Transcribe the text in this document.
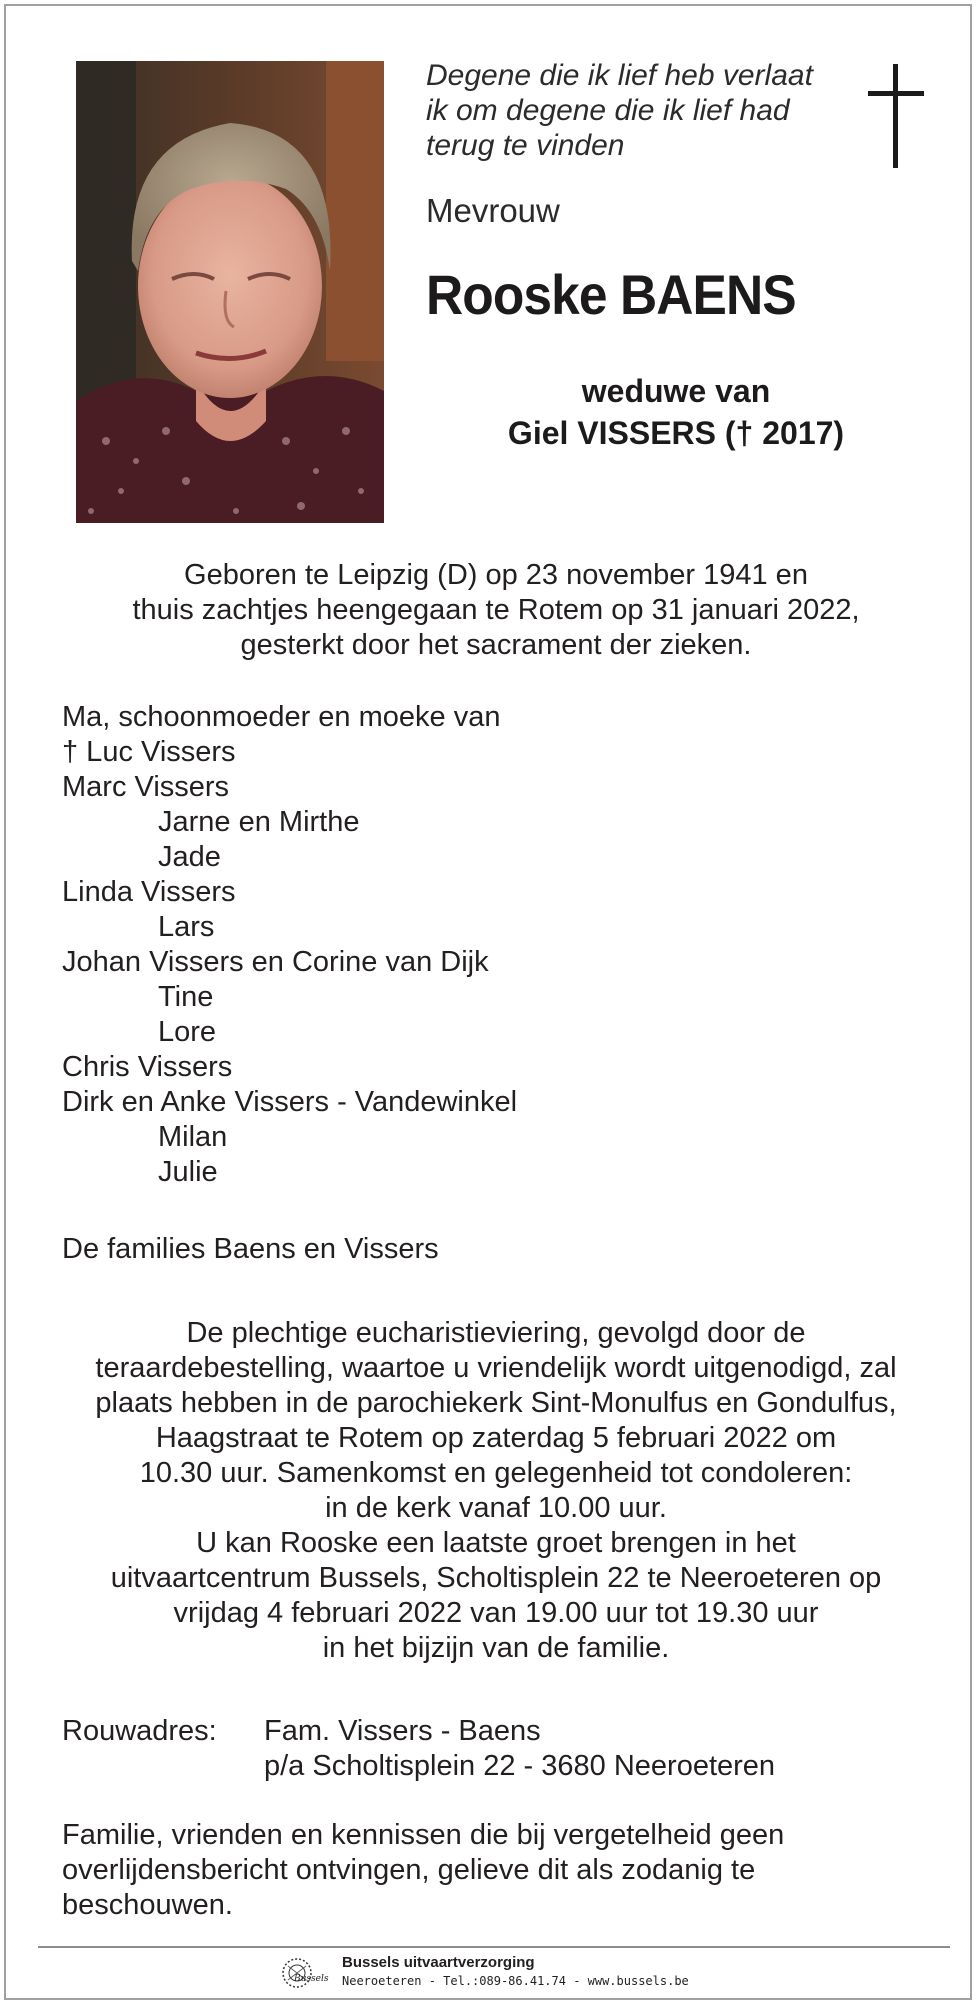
Degene die ik lief heb verlaat
ik om degene die ik lief had
terug te vinden
Mevrouw
Rooske BAENS
weduwe van
Giel VISSERS († 2017)
Geboren te Leipzig (D) op 23 november 1941 en
thuis zachtjes heengegaan te Rotem op 31 januari 2022,
gesterkt door het sacrament der zieken.
Ma, schoonmoeder en moeke van
† Luc Vissers
Marc Vissers
Jarne en Mirthe
Jade
Linda Vissers
Lars
Johan Vissers en Corine van Dijk
Tine
Lore
Chris Vissers
Dirk en Anke Vissers - Vandewinkel
Milan
Julie
De families Baens en Vissers
De plechtige eucharistieviering, gevolgd door de
teraardebestelling, waartoe u vriendelijk wordt uitgenodigd, zal
plaats hebben in de parochiekerk Sint-Monulfus en Gondulfus,
Haagstraat te Rotem op zaterdag 5 februari 2022 om
10.30 uur. Samenkomst en gelegenheid tot condoleren:
in de kerk vanaf 10.00 uur.
U kan Rooske een laatste groet brengen in het
uitvaartcentrum Bussels, Scholtisplein 22 te Neeroeteren op
vrijdag 4 februari 2022 van 19.00 uur tot 19.30 uur
in het bijzijn van de familie.
Rouwadres: Fam. Vissers - Baens
p/a Scholtisplein 22 - 3680 Neeroeteren
Familie, vrienden en kennissen die bij vergetelheid geen
overlijdensbericht ontvingen, gelieve dit als zodanig te
beschouwen.
Bussels
Bussels uitvaartverzorging
Neeroeteren - Tel.:089-86.41.74 - www.bussels.be
